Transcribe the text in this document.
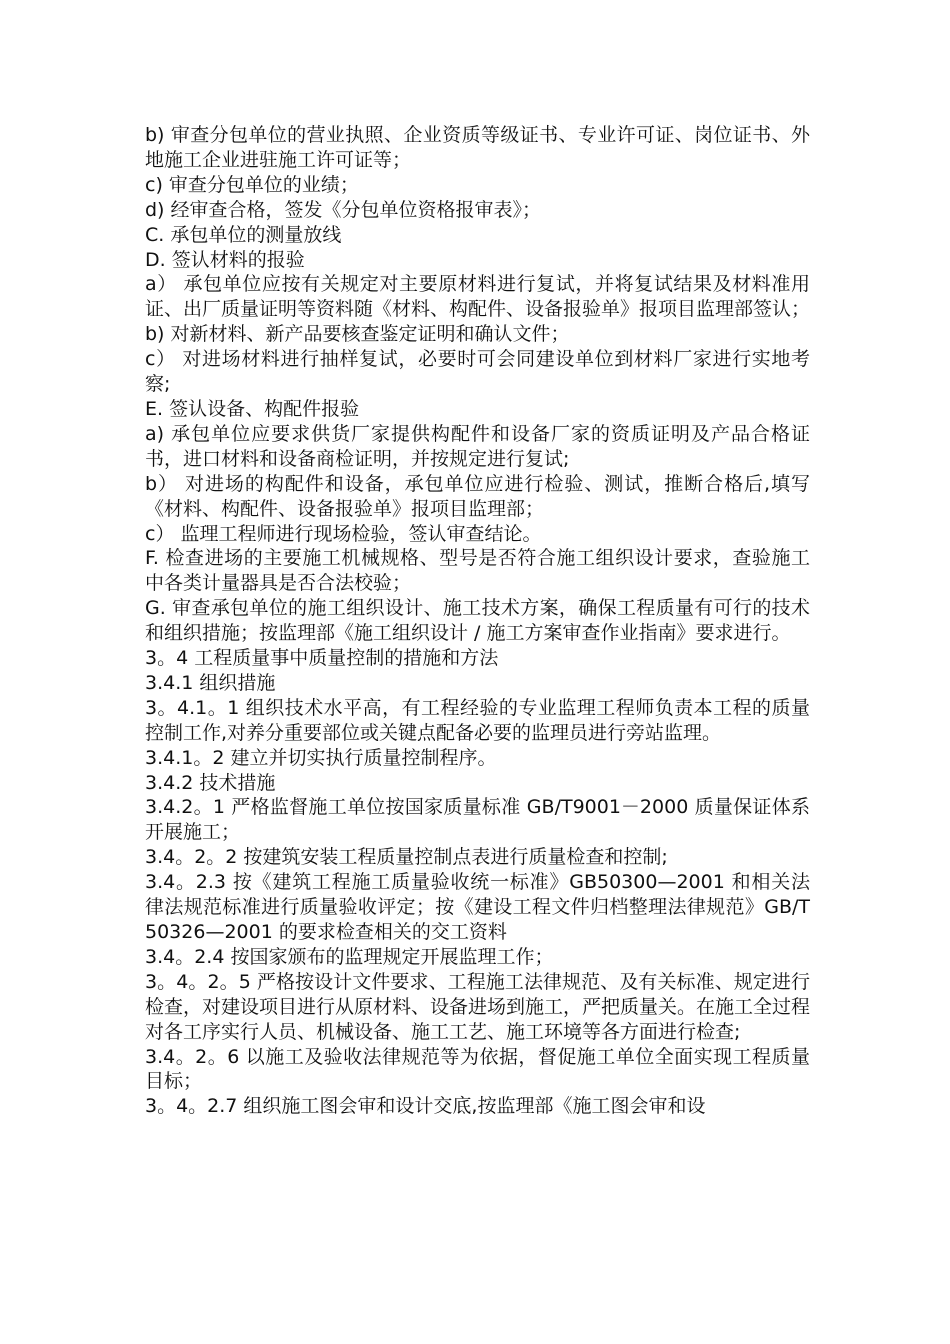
b) 审查分包单位的营业执照、企业资质等级证书、专业许可证、岗位证书、外地施工企业进驻施工许可证等；

c) 审查分包单位的业绩；

d) 经审查合格，签发《分包单位资格报审表》；

C. 承包单位的测量放线

D. 签认材料的报验

a） 承包单位应按有关规定对主要原材料进行复试，并将复试结果及材料准用证、出厂质量证明等资料随《材料、构配件、设备报验单》报项目监理部签认；

b) 对新材料、新产品要核查鉴定证明和确认文件；

c） 对进场材料进行抽样复试，必要时可会同建设单位到材料厂家进行实地考察;

E. 签认设备、构配件报验

a) 承包单位应要求供货厂家提供构配件和设备厂家的资质证明及产品合格证书，进口材料和设备商检证明，并按规定进行复试;

b） 对进场的构配件和设备，承包单位应进行检验、测试，推断合格后,填写《材料、构配件、设备报验单》报项目监理部；

c） 监理工程师进行现场检验，签认审查结论。

F. 检查进场的主要施工机械规格、型号是否符合施工组织设计要求，查验施工中各类计量器具是否合法校验；

G. 审查承包单位的施工组织设计、施工技术方案，确保工程质量有可行的技术和组织措施；按监理部《施工组织设计 / 施工方案审查作业指南》要求进行。

3。4 工程质量事中质量控制的措施和方法

3.4.1 组织措施

3。4.1。1 组织技术水平高，有工程经验的专业监理工程师负责本工程的质量控制工作,对养分重要部位或关键点配备必要的监理员进行旁站监理。

3.4.1。2 建立并切实执行质量控制程序。

3.4.2 技术措施

3.4.2。1 严格监督施工单位按国家质量标准 GB/T9001－2000 质量保证体系开展施工；

3.4。2。2 按建筑安装工程质量控制点表进行质量检查和控制;

3.4。2.3 按《建筑工程施工质量验收统一标准》GB50300—2001 和相关法律法规范标准进行质量验收评定；按《建设工程文件归档整理法律规范》GB/T50326—2001 的要求检查相关的交工资料

3.4。2.4 按国家颁布的监理规定开展监理工作；

3。4。2。5 严格按设计文件要求、工程施工法律规范、及有关标准、规定进行检查，对建设项目进行从原材料、设备进场到施工，严把质量关。在施工全过程对各工序实行人员、机械设备、施工工艺、施工环境等各方面进行检查;

3.4。2。6 以施工及验收法律规范等为依据，督促施工单位全面实现工程质量目标；

3。4。2.7 组织施工图会审和设计交底,按监理部《施工图会审和设
